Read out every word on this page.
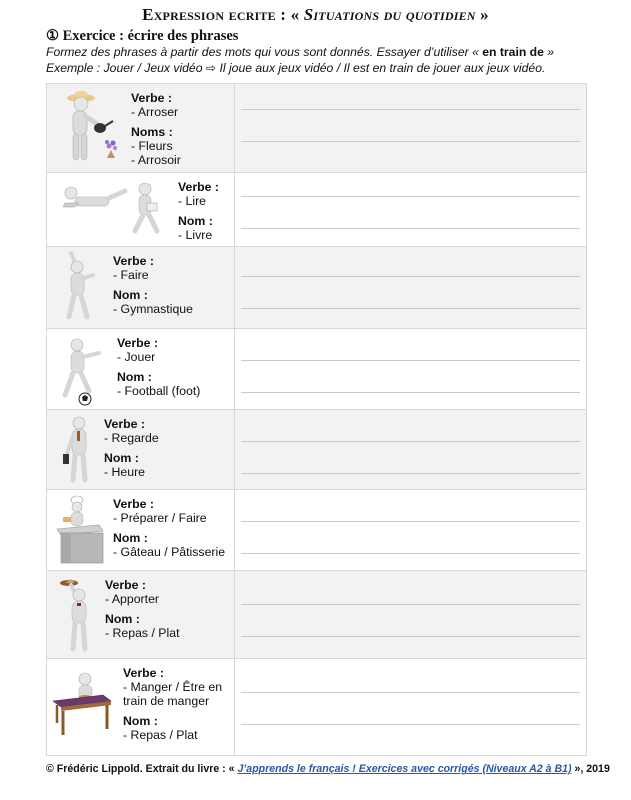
Expression ecrite : « Situations du quotidien »
① Exercice : écrire des phrases
Formez des phrases à partir des mots qui vous sont donnés. Essayer d’utiliser « en train de »
Exemple : Jouer / Jeux vidéo ⇨ Il joue aux jeux vidéo / Il est en train de jouer aux jeux vidéo.
Verbe :
- Arroser
Noms :
- Fleurs
- Arrosoir	

Verbe :
- Lire
Nom :
- Livre	

Verbe :
- Faire
Nom :
- Gymnastique	

Verbe :
- Jouer
Nom :
- Football (foot)	

Verbe :
- Regarde
Nom :
- Heure	

Verbe :
- Préparer / Faire
Nom :
- Gâteau / Pâtisserie	

Verbe :
- Apporter
Nom :
- Repas / Plat	

Verbe :
- Manger / Être en
train de manger
Nom :
- Repas / Plat	

© Frédéric Lippold. Extrait du livre : « J’apprends le français ! Exercices avec corrigés (Niveaux A2 à B1) », 2019
